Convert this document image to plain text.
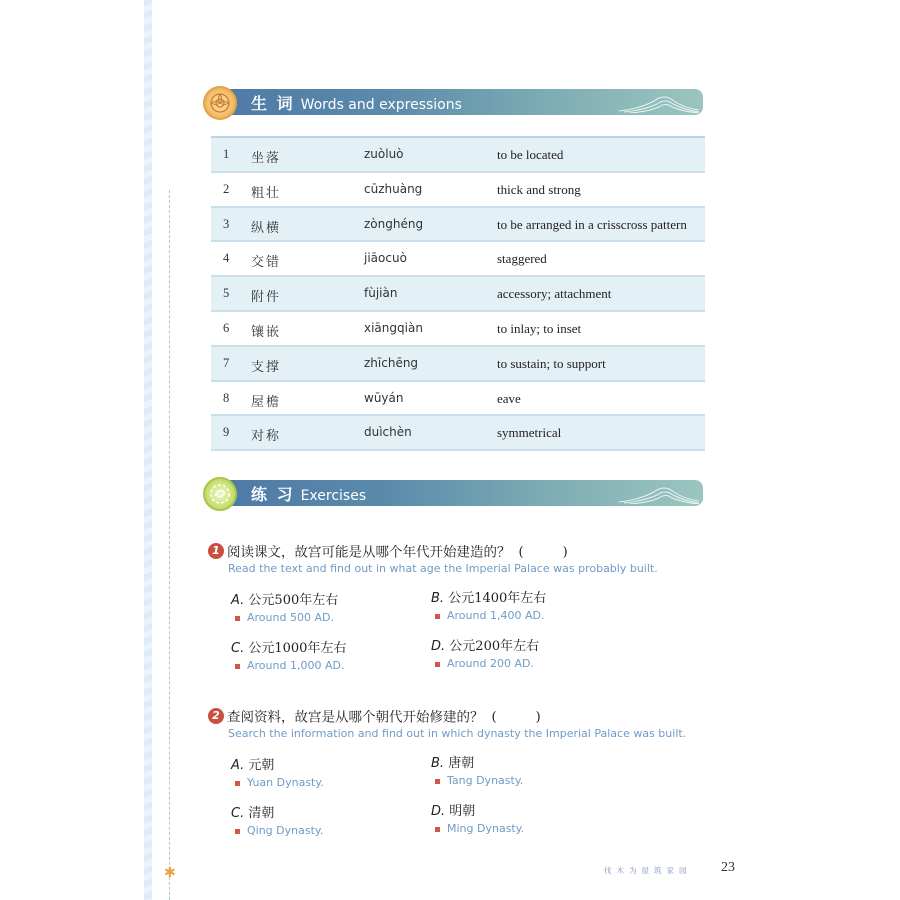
✱
生 词 Words and expressions
1 坐落	zuòluò	to be located
2 粗壮	cūzhuàng	thick and strong
3 纵横	zònghéng	to be arranged in a crisscross pattern
4 交错	jiāocuò	staggered
5 附件	fùjiàn	accessory; attachment
6 镶嵌	xiāngqiàn	to inlay; to inset
7 支撑	zhīchēng	to sustain; to support
8 屋檐	wūyán	eave
9 对称	duìchèn	symmetrical
练 习 Exercises
1 阅读课文，故宫可能是从哪个年代开始建造的？ (　　　)
Read the text and find out in what age the Imperial Palace was probably built.
A. 公元500年左右
Around 500 AD.
B. 公元1400年左右
Around 1,400 AD.
C. 公元1000年左右
Around 1,000 AD.
D. 公元200年左右
Around 200 AD.
2 查阅资料，故宫是从哪个朝代开始修建的？ (　　　)
Search the information and find out in which dynasty the Imperial Palace was built.
A. 元朝
Yuan Dynasty.
B. 唐朝
Tang Dynasty.
C. 清朝
Qing Dynasty.
D. 明朝
Ming Dynasty.
伐木为屋筑家园 23
